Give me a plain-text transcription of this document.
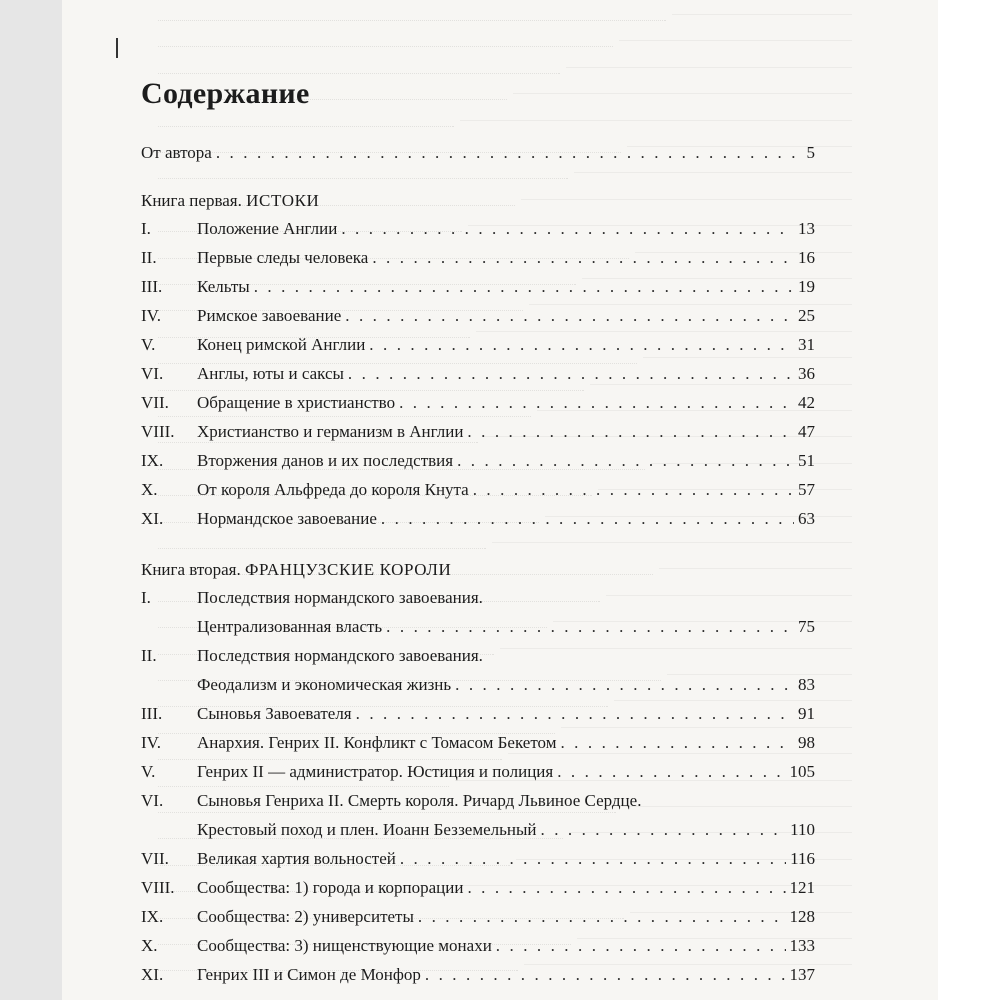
Содержание
От автора . . .	5
Книга первая. ИСТОКИ
I.	Положение Англии . . .	13
II.	Первые следы человека . . .	16
III.	Кельты . . .	19
IV.	Римское завоевание . . .	25
V.	Конец римской Англии . . .	31
VI.	Англы, юты и саксы . . .	36
VII.	Обращение в христианство . . .	42
VIII.	Христианство и германизм в Англии . . .	47
IX.	Вторжения данов и их последствия . . .	51
X.	От короля Альфреда до короля Кнута . . .	57
XI.	Нормандское завоевание . . .	63
Книга вторая. ФРАНЦУЗСКИЕ КОРОЛИ
I.	Последствия нормандского завоевания.
Централизованная власть . . .	75
II.	Последствия нормандского завоевания.
Феодализм и экономическая жизнь . . .	83
III.	Сыновья Завоевателя . . .	91
IV.	Анархия. Генрих II. Конфликт с Томасом Бекетом . . .	98
V.	Генрих II — администратор. Юстиция и полиция . . .	105
VI.	Сыновья Генриха II. Смерть короля. Ричард Львиное Сердце.
Крестовый поход и плен. Иоанн Безземельный . . .	110
VII.	Великая хартия вольностей . . .	116
VIII.	Сообщества: 1) города и корпорации . . .	121
IX.	Сообщества: 2) университеты . . .	128
X.	Сообщества: 3) нищенствующие монахи . . .	133
XI.	Генрих III и Симон де Монфор . . .	137
